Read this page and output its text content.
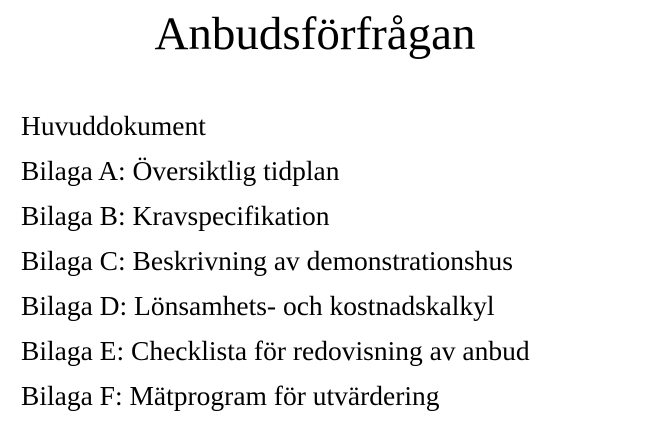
Anbudsförfrågan
Huvuddokument
Bilaga A: Översiktlig tidplan
Bilaga B: Kravspecifikation
Bilaga C: Beskrivning av demonstrationshus
Bilaga D: Lönsamhets- och kostnadskalkyl
Bilaga E: Checklista för redovisning av anbud
Bilaga F: Mätprogram för utvärdering
